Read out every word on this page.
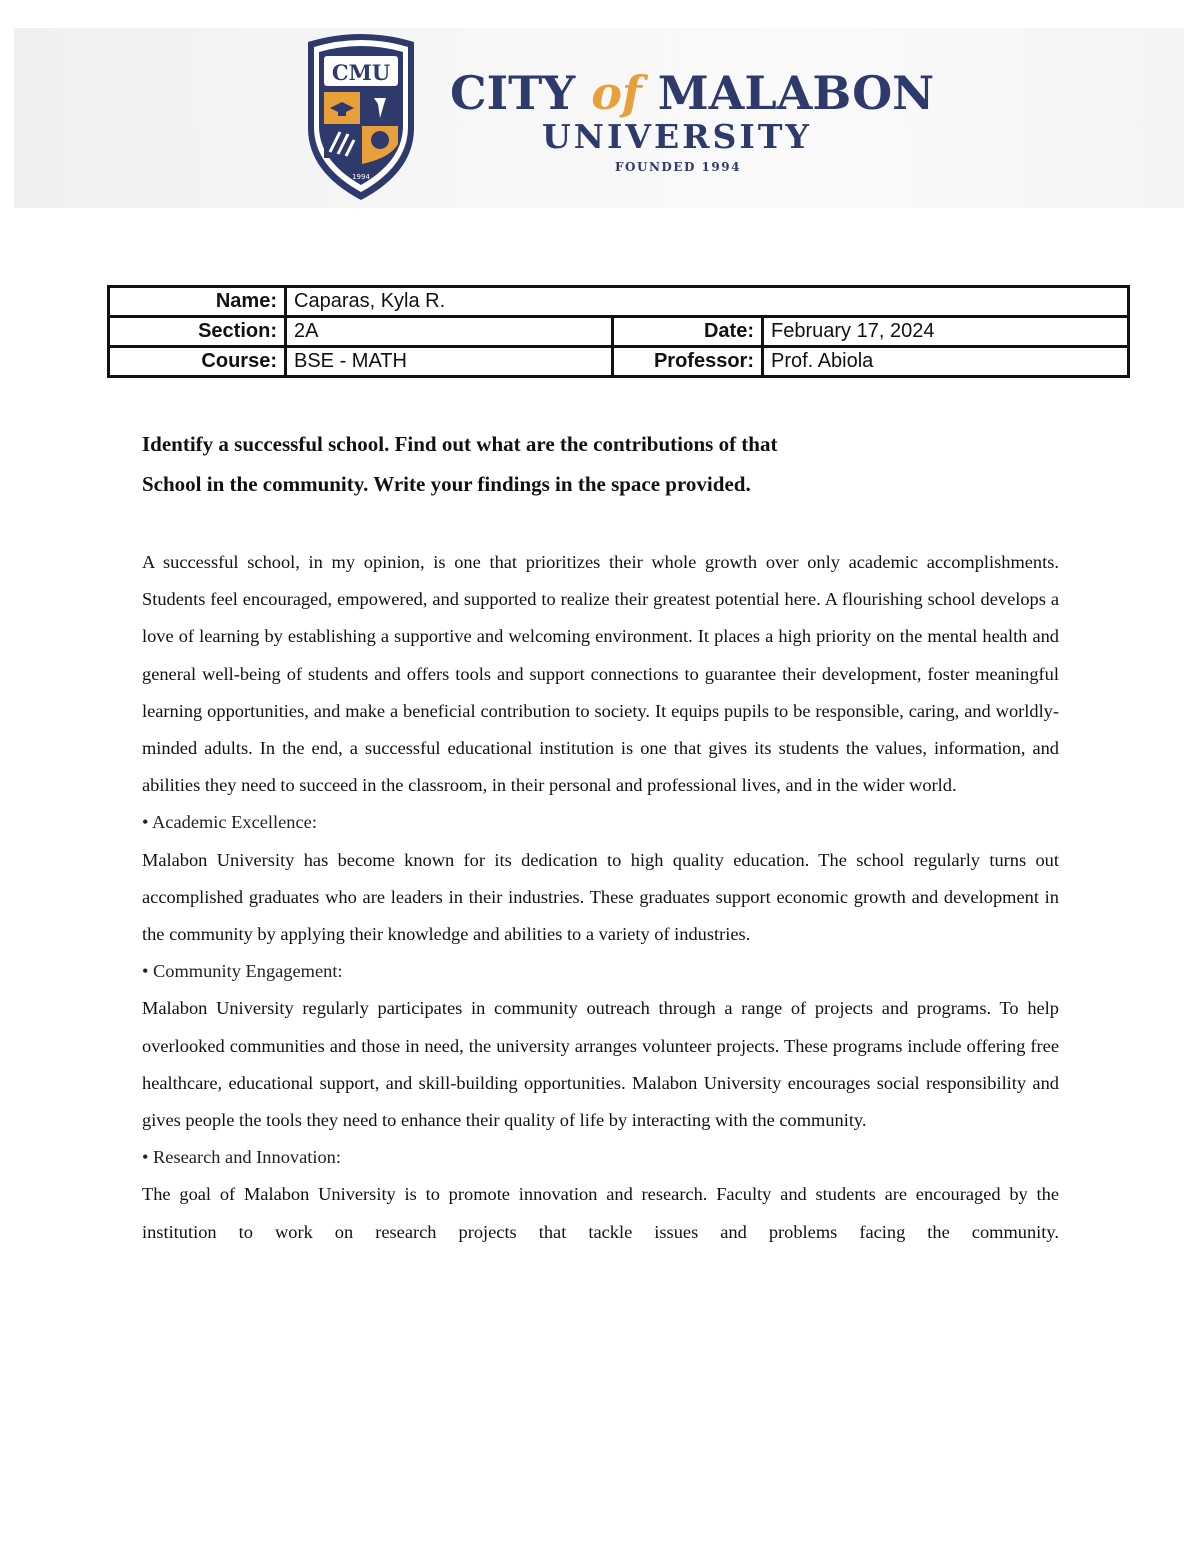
CMU
1994
CITY of MALABON
UNIVERSITY
FOUNDED 1994
Name:	Caparas, Kyla R.		
Section:	2A	Date:	February 17, 2024
Course:	BSE - MATH	Professor:	Prof. Abiola

Identify a successful school. Find out what are the contributions of that

School in the community. Write your findings in the space provided.

A successful school, in my opinion, is one that prioritizes their whole growth over only academic accomplishments. Students feel encouraged, empowered, and supported to realize their greatest potential here. A flourishing school develops a love of learning by establishing a supportive and welcoming environment. It places a high priority on the mental health and general well-being of students and offers tools and support connections to guarantee their development, foster meaningful learning opportunities, and make a beneficial contribution to society. It equips pupils to be responsible, caring, and worldly-minded adults. In the end, a successful educational institution is one that gives its students the values, information, and abilities they need to succeed in the classroom, in their personal and professional lives, and in the wider world.

• Academic Excellence:

Malabon University has become known for its dedication to high quality education. The school regularly turns out accomplished graduates who are leaders in their industries. These graduates support economic growth and development in the community by applying their knowledge and abilities to a variety of industries.

• Community Engagement:

Malabon University regularly participates in community outreach through a range of projects and programs. To help overlooked communities and those in need, the university arranges volunteer projects. These programs include offering free healthcare, educational support, and skill-building opportunities. Malabon University encourages social responsibility and gives people the tools they need to enhance their quality of life by interacting with the community.

• Research and Innovation:

The goal of Malabon University is to promote innovation and research. Faculty and students are encouraged by the institution to work on research projects that tackle issues and problems facing the community.
